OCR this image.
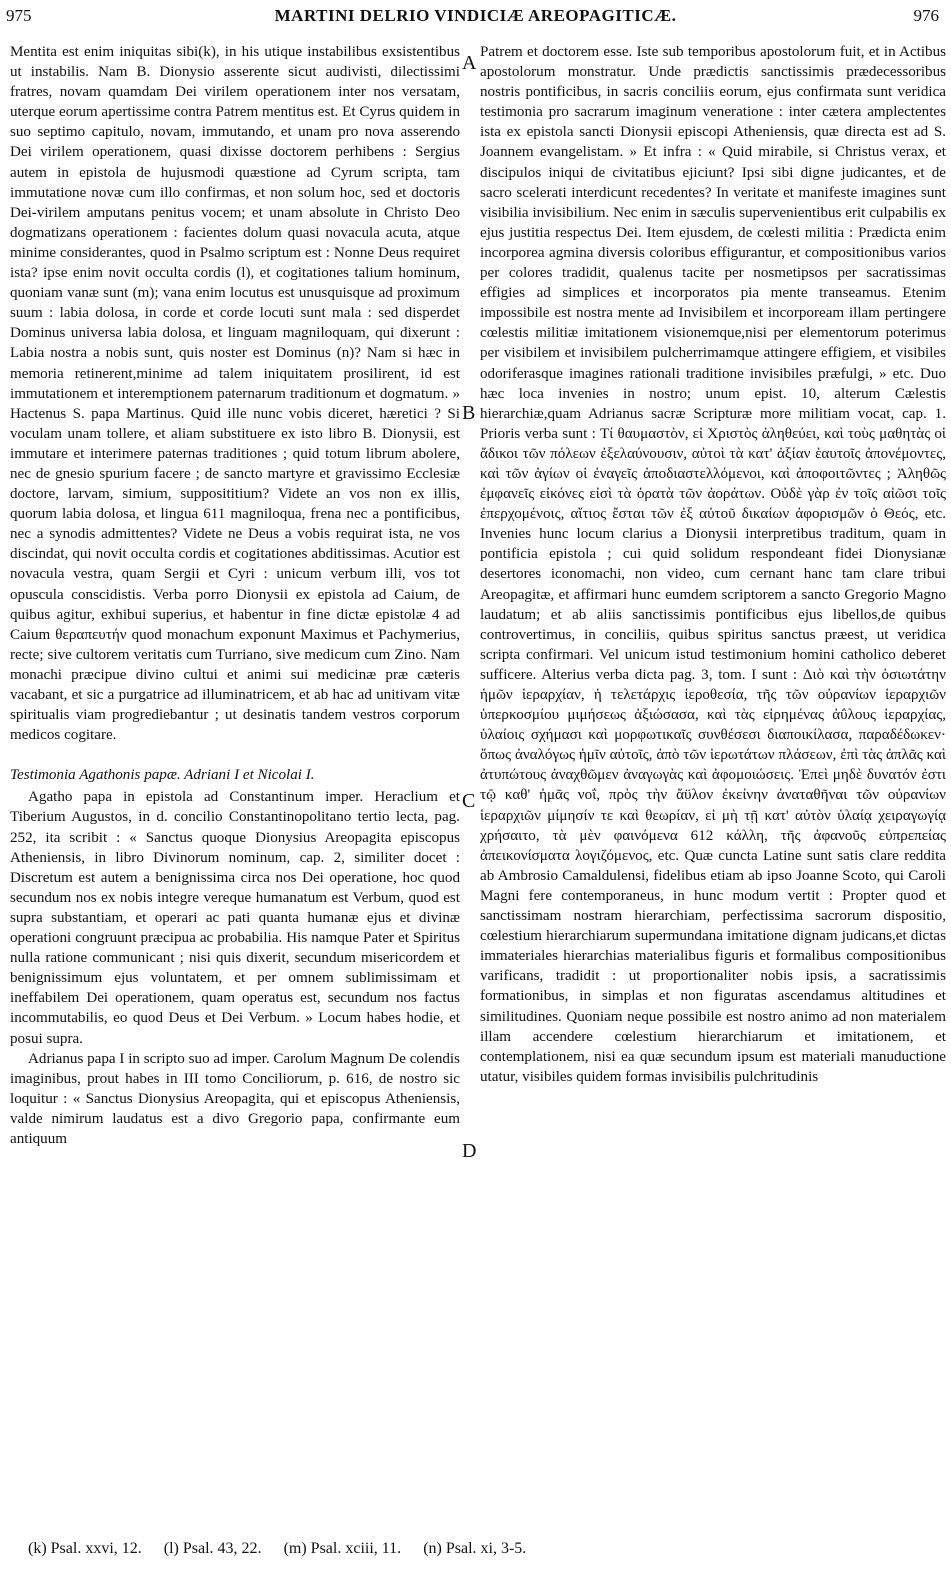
975	MARTINI DELRIO VINDICIÆ AREOPAGITICÆ.	976

Mentita est enim iniquitas sibi(k), in his utique instabilibus exsistentibus ut instabilis. Nam B. Dionysio asserente sicut audivisti, dilectissimi fratres, novam quamdam Dei virilem operationem inter nos versatam, uterque eorum apertissime contra Patrem mentitus est. Et Cyrus quidem in suo septimo capitulo, novam, immutando, et unam pro nova asserendo Dei virilem operationem, quasi dixisse doctorem perhibens : Sergius autem in epistola de hujusmodi quæstione ad Cyrum scripta, tam immutatione novæ cum illo confirmas, et non solum hoc, sed et doctoris Dei-virilem amputans penitus vocem; et unam absolute in Christo Deo dogmatizans operationem : facientes dolum quasi novacula acuta, atque minime considerantes, quod in Psalmo scriptum est : Nonne Deus requiret ista? ipse enim novit occulta cordis (l), et cogitationes talium hominum, quoniam vanæ sunt (m); vana enim locutus est unusquisque ad proximum suum : labia dolosa, in corde et corde locuti sunt mala : sed disperdet Dominus universa labia dolosa, et linguam magniloquam, qui dixerunt : Labia nostra a nobis sunt, quis noster est Dominus (n)? Nam si hæc in memoria retinerent,minime ad talem iniquitatem prosilirent, id est immutationem et interemptionem paternarum traditionum et dogmatum. » Hactenus S. papa Martinus. Quid ille nunc vobis diceret, hæretici ? Si voculam unam tollere, et aliam substituere ex isto libro B. Dionysii, est immutare et interimere paternas traditiones ; quid totum librum abolere, nec de gnesio spurium facere ; de sancto martyre et gravissimo Ecclesiæ doctore, larvam, simium, supposititium? Videte an vos non ex illis, quorum labia dolosa, et lingua 611 magniloqua, frena nec a pontificibus, nec a synodis admittentes? Videte ne Deus a vobis requirat ista, ne vos discindat, qui novit occulta cordis et cogitationes abditissimas. Acutior est novacula vestra, quam Sergii et Cyri : unicum verbum illi, vos tot opuscula conscidistis. Verba porro Dionysii ex epistola ad Caium, de quibus agitur, exhibui superius, et habentur in fine dictæ epistolæ 4 ad Caium θεραπευτήν quod monachum exponunt Maximus et Pachymerius, recte; sive cultorem veritatis cum Turriano, sive medicum cum Zino. Nam monachi præcipue divino cultui et animi sui medicinæ præ cæteris vacabant, et sic a purgatrice ad illuminatricem, et ab hac ad unitivam vitæ spiritualis viam progrediebantur ; ut desinatis tandem vestros corporum medicos cogitare.

Testimonia Agathonis papæ. Adriani I et Nicolai I.

Agatho papa in epistola ad Constantinum imper. Heraclium et Tiberium Augustos, in d. concilio Constantinopolitano tertio lecta, pag. 252, ita scribit : « Sanctus quoque Dionysius Areopagita episcopus Atheniensis, in libro Divinorum nominum, cap. 2, similiter docet : Discretum est autem a benignissima circa nos Dei operatione, hoc quod secundum nos ex nobis integre vereque humanatum est Verbum, quod est supra substantiam, et operari ac pati quanta humanæ ejus et divinæ operationi congruunt præcipua ac probabilia. His namque Pater et Spiritus nulla ratione communicant ; nisi quis dixerit, secundum misericordem et benignissimum ejus voluntatem, et per omnem sublimissimam et ineffabilem Dei operationem, quam operatus est, secundum nos factus incommutabilis, eo quod Deus et Dei Verbum. » Locum habes hodie, et posui supra.

Adrianus papa I in scripto suo ad imper. Carolum Magnum De colendis imaginibus, prout habes in III tomo Conciliorum, p. 616, de nostro sic loquitur : « Sanctus Dionysius Areopagita, qui et episcopus Atheniensis, valde nimirum laudatus est a divo Gregorio papa, confirmante eum antiquum

Patrem et doctorem esse. Iste sub temporibus apostolorum fuit, et in Actibus apostolorum monstratur. Unde prædictis sanctissimis prædecessoribus nostris pontificibus, in sacris conciliis eorum, ejus confirmata sunt veridica testimonia pro sacrarum imaginum veneratione : inter cætera amplectentes ista ex epistola sancti Dionysii episcopi Atheniensis, quæ directa est ad S. Joannem evangelistam. » Et infra : « Quid mirabile, si Christus verax, et discipulos iniqui de civitatibus ejiciunt? Ipsi sibi digne judicantes, et de sacro scelerati interdicunt recedentes? In veritate et manifeste imagines sunt visibilia invisibilium. Nec enim in sæculis supervenientibus erit culpabilis ex ejus justitia respectus Dei. Item ejusdem, de cœlesti militia : Prædicta enim incorporea agmina diversis coloribus effigurantur, et compositionibus varios per colores tradidit, qualenus tacite per nosmetipsos per sacratissimas effigies ad simplices et incorporatos pia mente transeamus. Etenim impossibile est nostra mente ad Invisibilem et incorpoream illam pertingere cœlestis militiæ imitationem visionemque,nisi per elementorum poterimus per visibilem et invisibilem pulcherrimamque attingere effigiem, et visibiles odoriferasque imagines rationali traditione invisibiles præfulgi, » etc. Duo hæc loca invenies in nostro; unum epist. 10, alterum Cælestis hierarchiæ,quam Adrianus sacræ Scripturæ more militiam vocat, cap. 1. Prioris verba sunt : Τί θαυμαστὸν, εἰ Χριστὸς ἀληθεύει, καὶ τοὺς μαθητὰς οἱ ἄδικοι τῶν πόλεων ἐξελαύνουσιν, αὐτοὶ τὰ κατ' ἀξίαν ἑαυτοῖς ἀπονέμοντες, καὶ τῶν ἁγίων οἱ ἐναγεῖς ἀποδιαστελλόμενοι, καὶ ἀποφοιτῶντες ; Ἀληθῶς ἐμφανεῖς εἰκόνες εἰσὶ τὰ ὁρατὰ τῶν ἀοράτων. Οὐδὲ γὰρ ἐν τοῖς αἰῶσι τοῖς ἐπερχομένοις, αἴτιος ἔσται τῶν ἐξ αὐτοῦ δικαίων ἀφορισμῶν ὁ Θεός, etc. Invenies hunc locum clarius a Dionysii interpretibus traditum, quam in pontificia epistola ; cui quid solidum respondeant fidei Dionysianæ desertores iconomachi, non video, cum cernant hanc tam clare tribui Areopagitæ, et affirmari hunc eumdem scriptorem a sancto Gregorio Magno laudatum; et ab aliis sanctissimis pontificibus ejus libellos,de quibus controvertimus, in conciliis, quibus spiritus sanctus præest, ut veridica scripta confirmari. Vel unicum istud testimonium homini catholico deberet sufficere. Alterius verba dicta pag. 3, tom. I sunt : Διὸ καὶ τὴν ὁσιωτάτην ἡμῶν ἱεραρχίαν, ἡ τελετάρχις ἱεροθεσία, τῆς τῶν οὐρανίων ἱεραρχιῶν ὑπερκοσμίου μιμήσεως ἀξιώσασα, καὶ τὰς εἰρημένας ἀΰλους ἱεραρχίας, ὑλαίοις σχήμασι καὶ μορφωτικαῖς συνθέσεσι διαποικίλασα, παραδέδωκεν· ὅπως ἀναλόγως ἡμῖν αὐτοῖς, ἀπὸ τῶν ἱερωτάτων πλάσεων, ἐπὶ τὰς ἁπλᾶς καὶ ἀτυπώτους ἀναχθῶμεν ἀναγωγὰς καὶ ἀφομοιώσεις. Ἐπεὶ μηδὲ δυνατόν ἐστι τῷ καθ' ἡμᾶς νοΐ, πρὸς τὴν ἄϋλον ἐκείνην ἀναταθῆναι τῶν οὐρανίων ἱεραρχιῶν μίμησίν τε καὶ θεωρίαν, εἰ μὴ τῇ κατ' αὐτὸν ὑλαίᾳ χειραγωγίᾳ χρήσαιτο, τὰ μὲν φαινόμενα 612 κάλλη, τῆς ἀφανοῦς εὐπρεπείας ἀπεικονίσματα λογιζόμενος, etc. Quæ cuncta Latine sunt satis clare reddita ab Ambrosio Camaldulensi, fidelibus etiam ab ipso Joanne Scoto, qui Caroli Magni fere contemporaneus, in hunc modum vertit : Propter quod et sanctissimam nostram hierarchiam, perfectissima sacrorum dispositio, cœlestium hierarchiarum supermundana imitatione dignam judicans,et dictas immateriales hierarchias materialibus figuris et formalibus compositionibus varificans, tradidit : ut proportionaliter nobis ipsis, a sacratissimis formationibus, in simplas et non figuratas ascendamus altitudines et similitudines. Quoniam neque possibile est nostro animo ad non materialem illam accendere cœlestium hierarchiarum et imitationem, et contemplationem, nisi ea quæ secundum ipsum est materiali manuductione utatur, visibiles quidem formas invisibilis pulchritudinis

A
B
C
D
(k) Psal. xxvi, 12. (l) Psal. 43, 22. (m) Psal. xciii, 11. (n) Psal. xi, 3-5.
